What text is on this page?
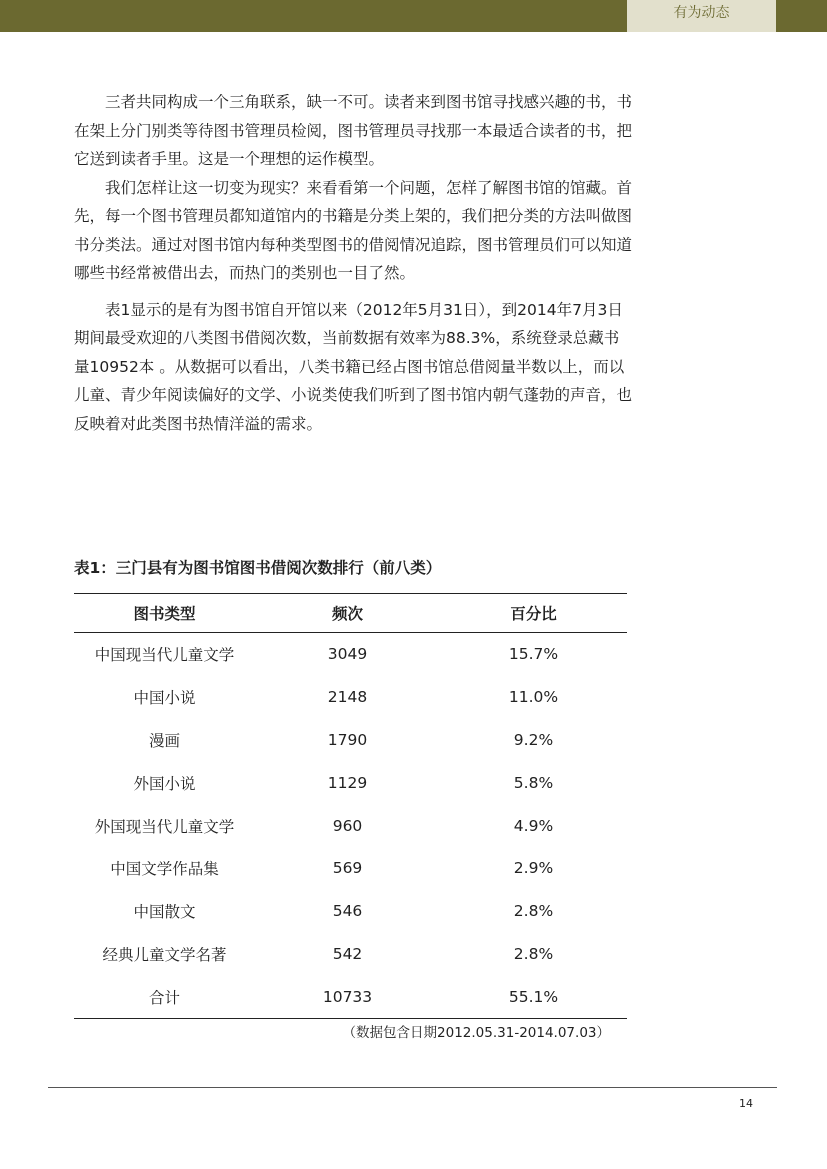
有为动态

三者共同构成一个三角联系，缺一不可。读者来到图书馆寻找感兴趣的书，书在架上分门别类等待图书管理员检阅，图书管理员寻找那一本最适合读者的书，把它送到读者手里。这是一个理想的运作模型。

我们怎样让这一切变为现实？来看看第一个问题，怎样了解图书馆的馆藏。首先，每一个图书管理员都知道馆内的书籍是分类上架的，我们把分类的方法叫做图书分类法。通过对图书馆内每种类型图书的借阅情况追踪，图书管理员们可以知道哪些书经常被借出去，而热门的类别也一目了然。

表1显示的是有为图书馆自开馆以来（2012年5月31日），到2014年7月3日期间最受欢迎的八类图书借阅次数，当前数据有效率为88.3%，系统登录总藏书量10952本 。从数据可以看出，八类书籍已经占图书馆总借阅量半数以上，而以儿童、青少年阅读偏好的文学、小说类使我们听到了图书馆内朝气蓬勃的声音，也反映着对此类图书热情洋溢的需求。

表1：三门县有为图书馆图书借阅次数排行（前八类）
图书类型	频次	百分比
中国现当代儿童文学	3049	15.7%
中国小说	2148	11.0%
漫画	1790	9.2%
外国小说	1129	5.8%
外国现当代儿童文学	960	4.9%
中国文学作品集	569	2.9%
中国散文	546	2.8%
经典儿童文学名著	542	2.8%
合计	10733	55.1%
（数据包含日期2012.05.31-2014.07.03）
14
